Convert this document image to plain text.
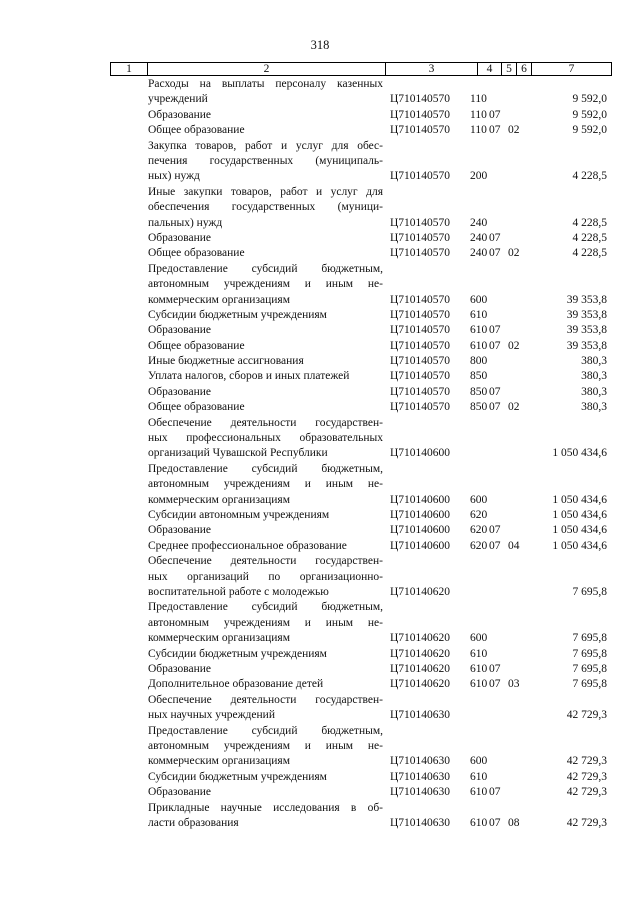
318
1	2	3	4	5 6	7
Расходы на выплаты персоналу казенных
учреждений	Ц710140570 110	9 592,0
Образование	Ц710140570 110 07	9 592,0
Общее образование	Ц710140570 110 07 02	9 592,0
Закупка товаров, работ и услуг для обес-
печения государственных (муниципаль-
ных) нужд	Ц710140570 200	4 228,5
Иные закупки товаров, работ и услуг для
обеспечения государственных (муници-
пальных) нужд	Ц710140570 240	4 228,5
Образование	Ц710140570 240 07	4 228,5
Общее образование	Ц710140570 240 07 02	4 228,5
Предоставление субсидий бюджетным,
автономным учреждениям и иным не-
коммерческим организациям	Ц710140570 600	39 353,8
Субсидии бюджетным учреждениям	Ц710140570 610	39 353,8
Образование	Ц710140570 610 07	39 353,8
Общее образование	Ц710140570 610 07 02	39 353,8
Иные бюджетные ассигнования	Ц710140570 800	380,3
Уплата налогов, сборов и иных платежей	Ц710140570 850	380,3
Образование	Ц710140570 850 07	380,3
Общее образование	Ц710140570 850 07 02	380,3
Обеспечение деятельности государствен-
ных профессиональных образовательных
организаций Чувашской Республики	Ц710140600	1 050 434,6
Предоставление субсидий бюджетным,
автономным учреждениям и иным не-
коммерческим организациям	Ц710140600 600	1 050 434,6
Субсидии автономным учреждениям	Ц710140600 620	1 050 434,6
Образование	Ц710140600 620 07	1 050 434,6
Среднее профессиональное образование	Ц710140600 620 07 04	1 050 434,6
Обеспечение деятельности государствен-
ных организаций по организационно-
воспитательной работе с молодежью	Ц710140620	7 695,8
Предоставление субсидий бюджетным,
автономным учреждениям и иным не-
коммерческим организациям	Ц710140620 600	7 695,8
Субсидии бюджетным учреждениям	Ц710140620 610	7 695,8
Образование	Ц710140620 610 07	7 695,8
Дополнительное образование детей	Ц710140620 610 07 03	7 695,8
Обеспечение деятельности государствен-
ных научных учреждений	Ц710140630	42 729,3
Предоставление субсидий бюджетным,
автономным учреждениям и иным не-
коммерческим организациям	Ц710140630 600	42 729,3
Субсидии бюджетным учреждениям	Ц710140630 610	42 729,3
Образование	Ц710140630 610 07	42 729,3
Прикладные научные исследования в об-
ласти образования	Ц710140630 610 07 08	42 729,3
